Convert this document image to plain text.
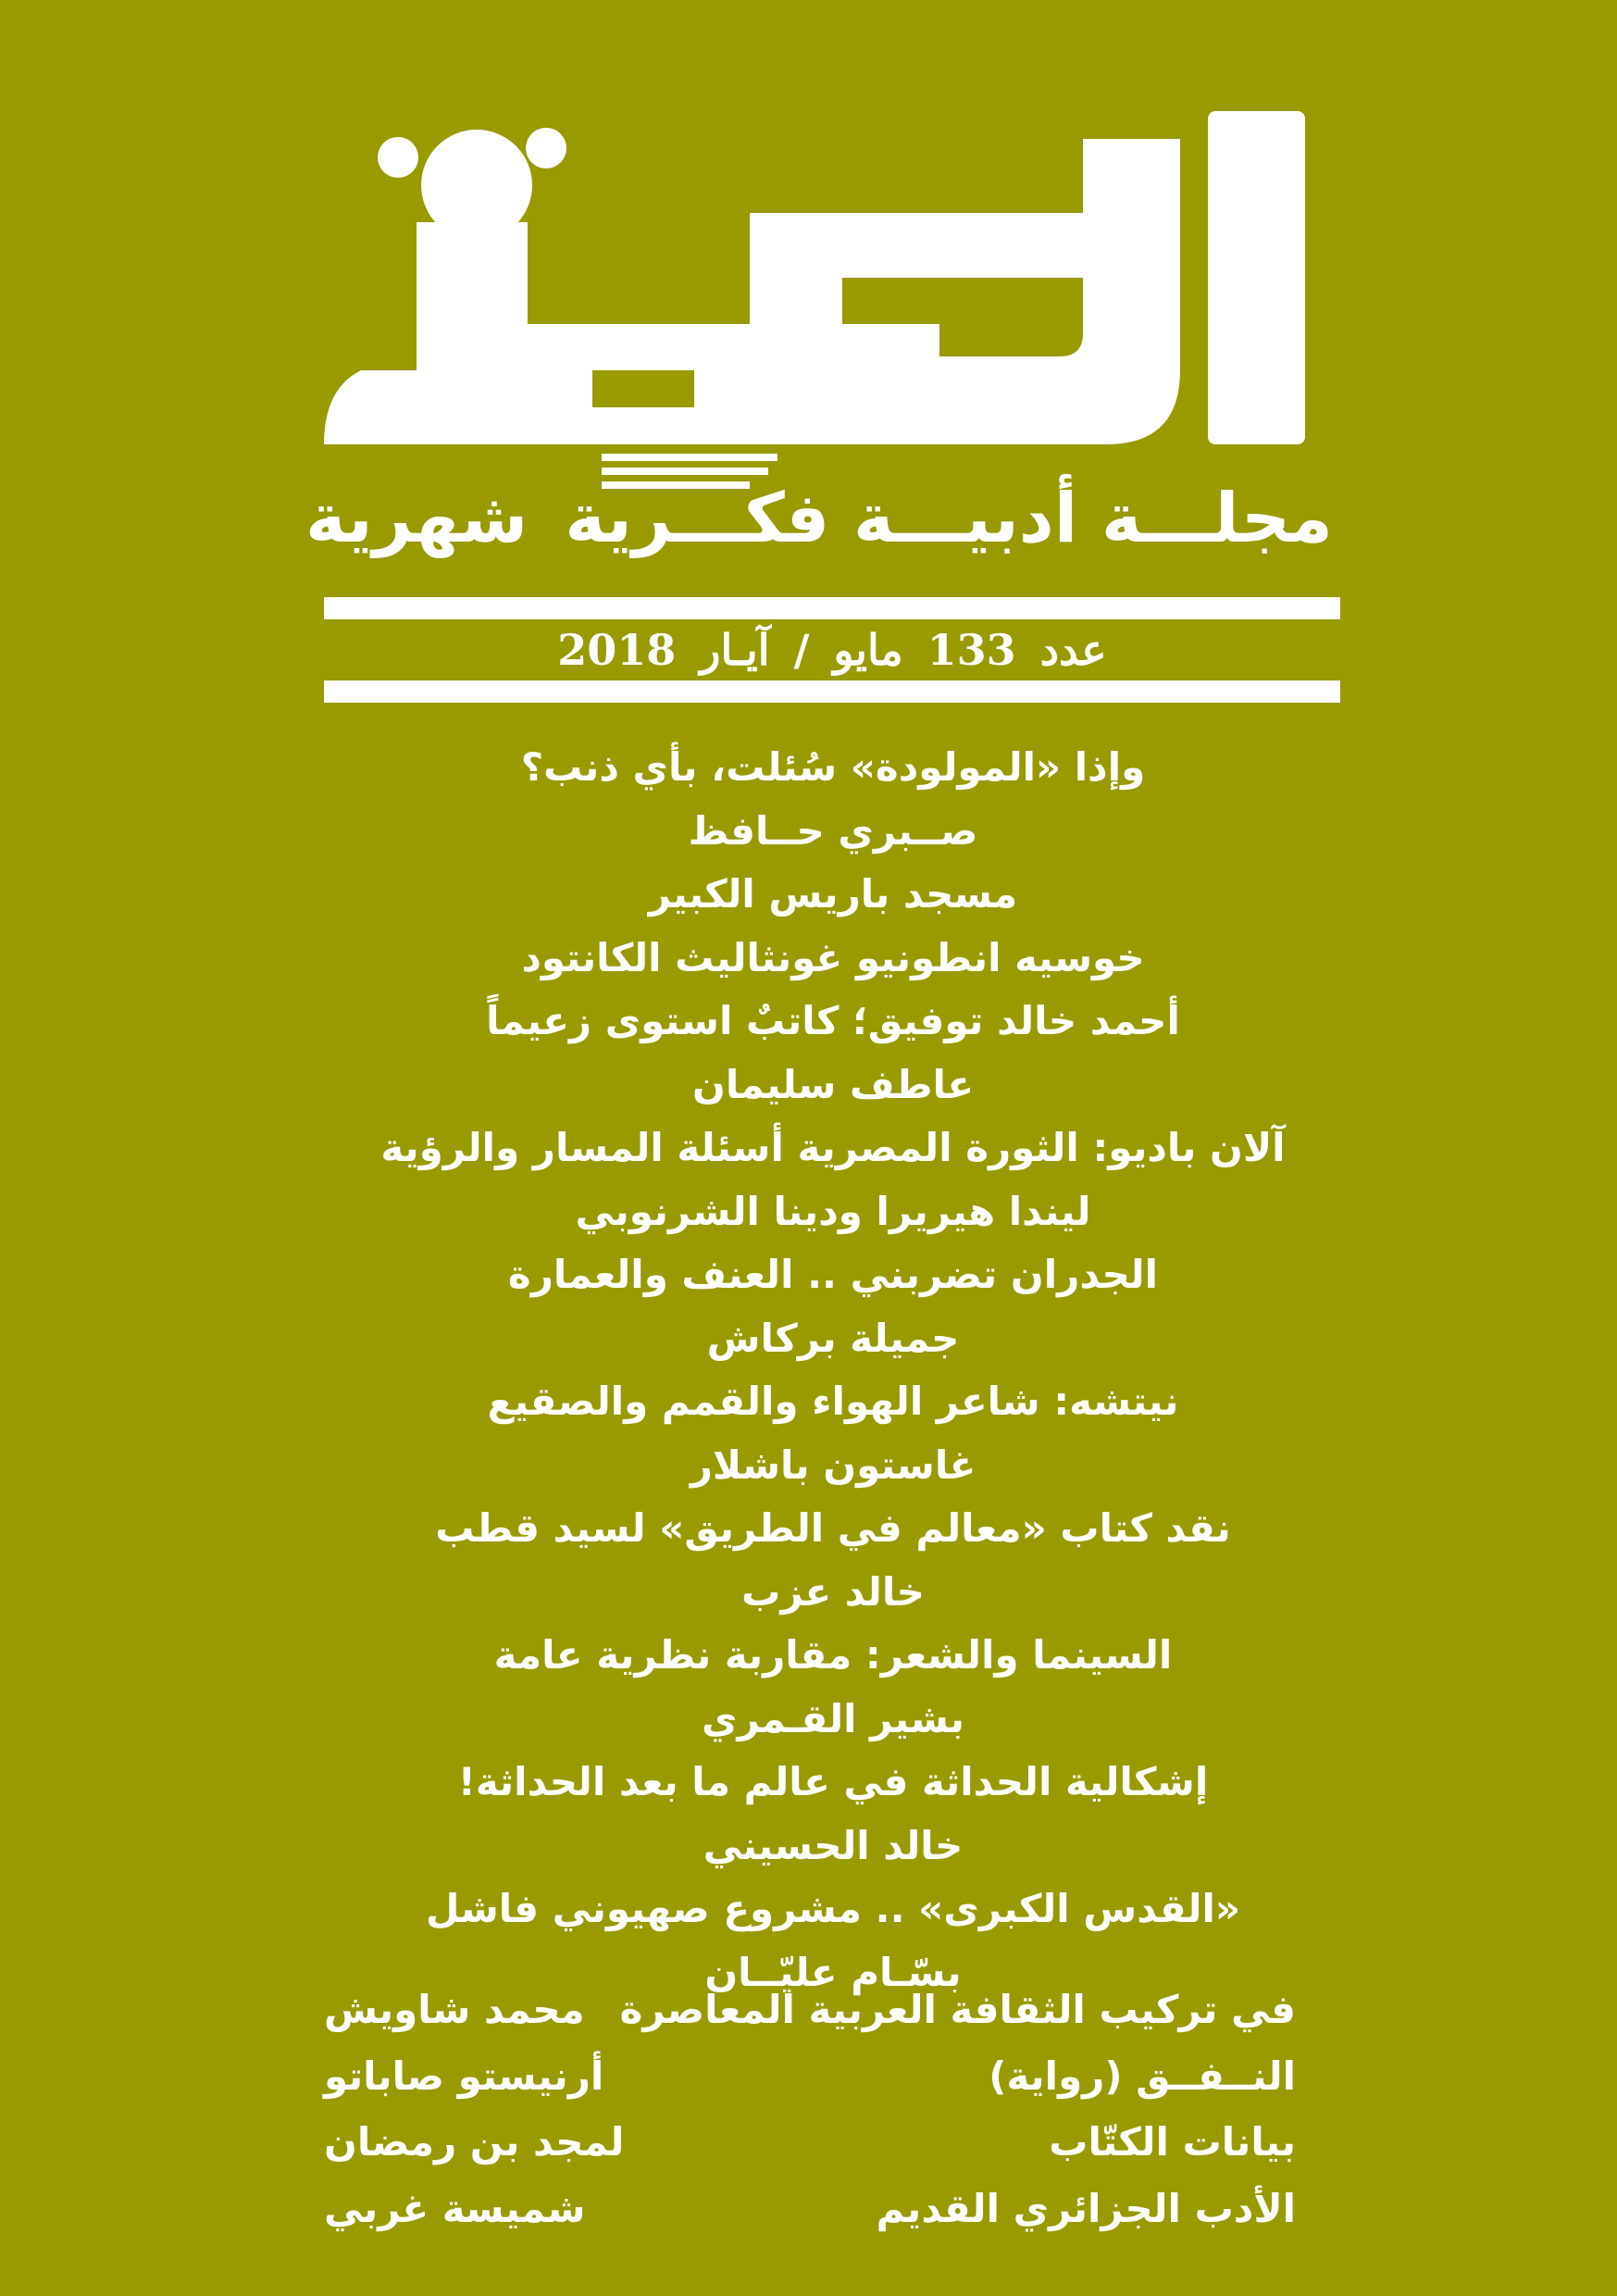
مجلـــة أدبيـــة فكـــرية
شهرية
عدد
133
مايو
/
آيـار
2018
وإذا «المولودة» سُئلت، بأي ذنب؟
صــبري حــافظ
مسجد باريس الكبير
خوسيه انطونيو غونثاليث الكانتود
أحمد خالد توفيق؛ كاتبٌ استوى زعيماً
عاطف سليمان
آلان باديو: الثورة المصرية أسئلة المسار والرؤية
ليندا هيريرا ودينا الشرنوبي
الجدران تضربني .. العنف والعمارة
جميلة بركاش
نيتشه: شاعر الهواء والقمم والصقيع
غاستون باشلار
نقد كتاب «معالم في الطريق» لسيد قطب
خالد عزب
السينما والشعر: مقاربة نظرية عامة
بشير القـمري
إشكالية الحداثة في عالم ما بعد الحداثة!
خالد الحسيني
«القدس الكبرى» .. مشروع صهيوني فاشل
بسّـام عليّــان
في تركيب الثقافة العربية المعاصرة
محمد شاويش
النــفــق (رواية)
أرنيستو صاباتو
بيانات الكتّاب
لمجد بن رمضان
الأدب الجزائري القديم
شميسة غربي
